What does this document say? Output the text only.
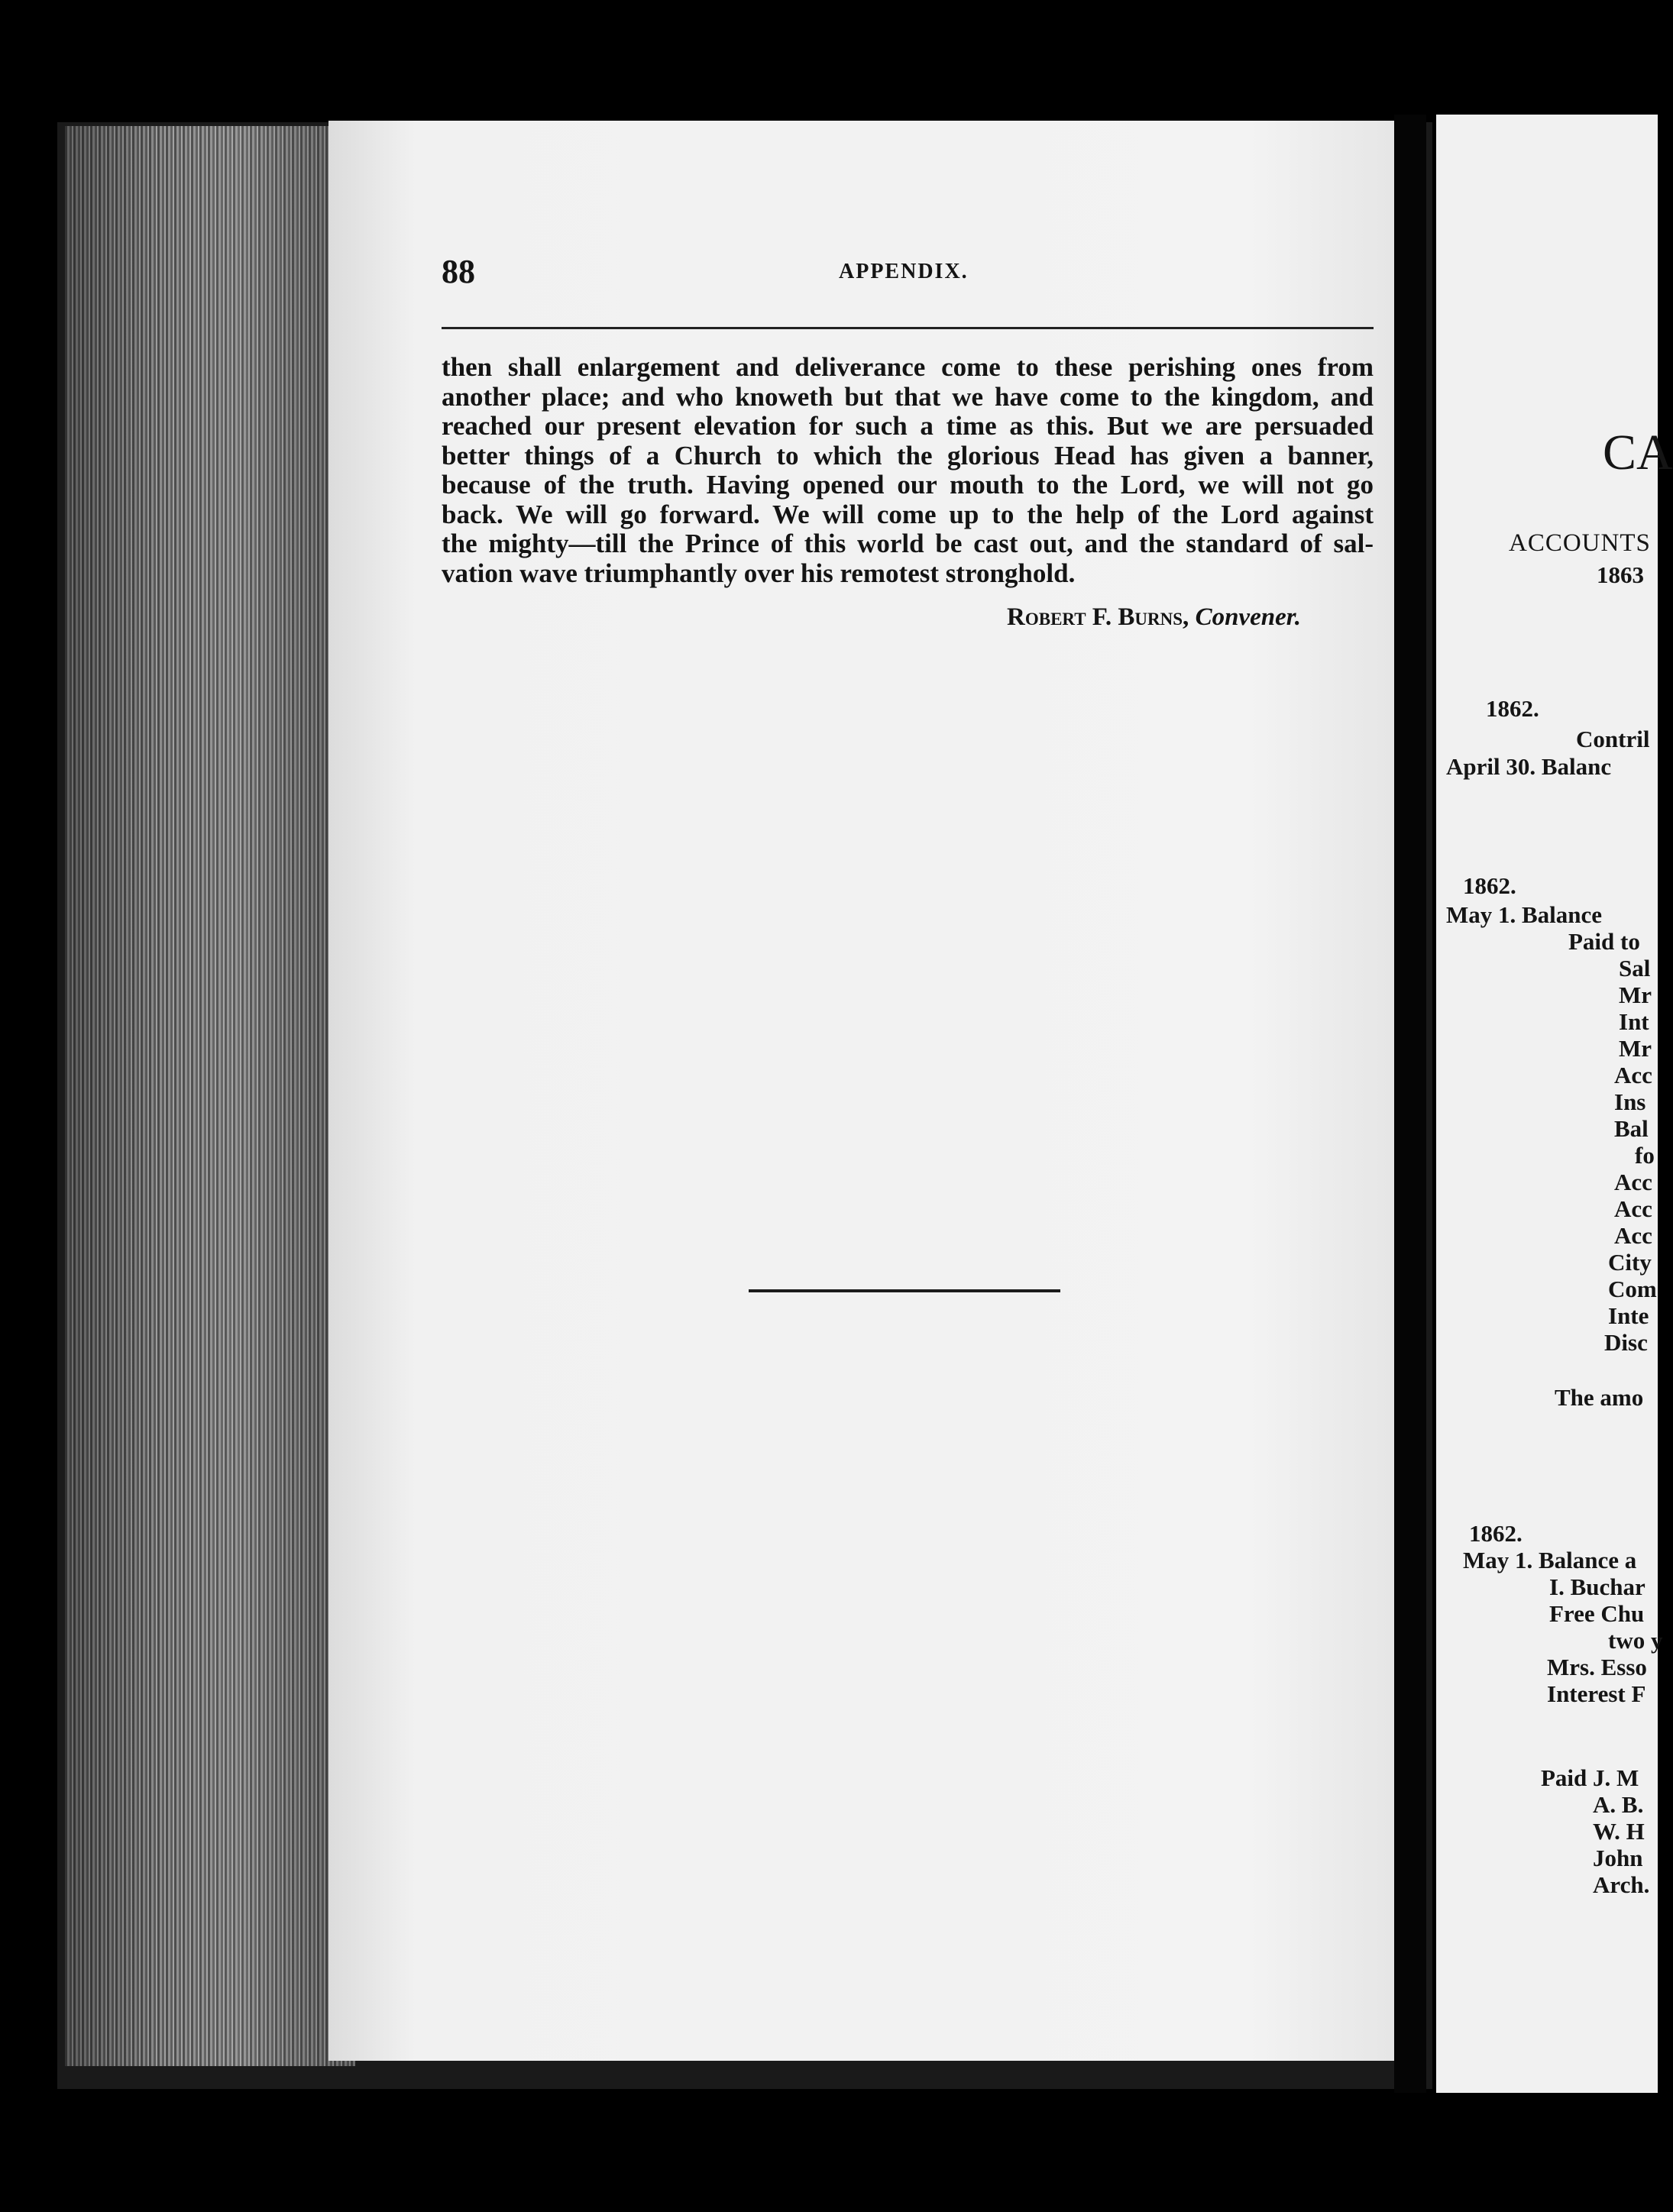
88	APPENDIX.
then shall enlargement and deliverance come to these perishing ones from
another place; and who knoweth but that we have come to the kingdom, and
reached our present elevation for such a time as this. But we are persuaded
better things of a Church to which the glorious Head has given a banner,
because of the truth. Having opened our mouth to the Lord, we will not go
back. We will go forward. We will come up to the help of the Lord against
the mighty—till the Prince of this world be cast out, and the standard of sal-
vation wave triumphantly over his remotest stronghold.
Robert F. Burns, Convener.
CA
ACCOUNTS
1863
1862.
Contril
April 30. Balanc
1862.
May 1. Balance
Paid to
Sal
Mr
Int
Mr
Acc
Ins
Bal
fo
Acc
Acc
Acc
City
Com
Inte
Disc
The amo
1862.
May 1. Balance a
I. Buchar
Free Chu
two y
Mrs. Esso
Interest F
Paid J. M
A. B.
W. H
John
Arch.
